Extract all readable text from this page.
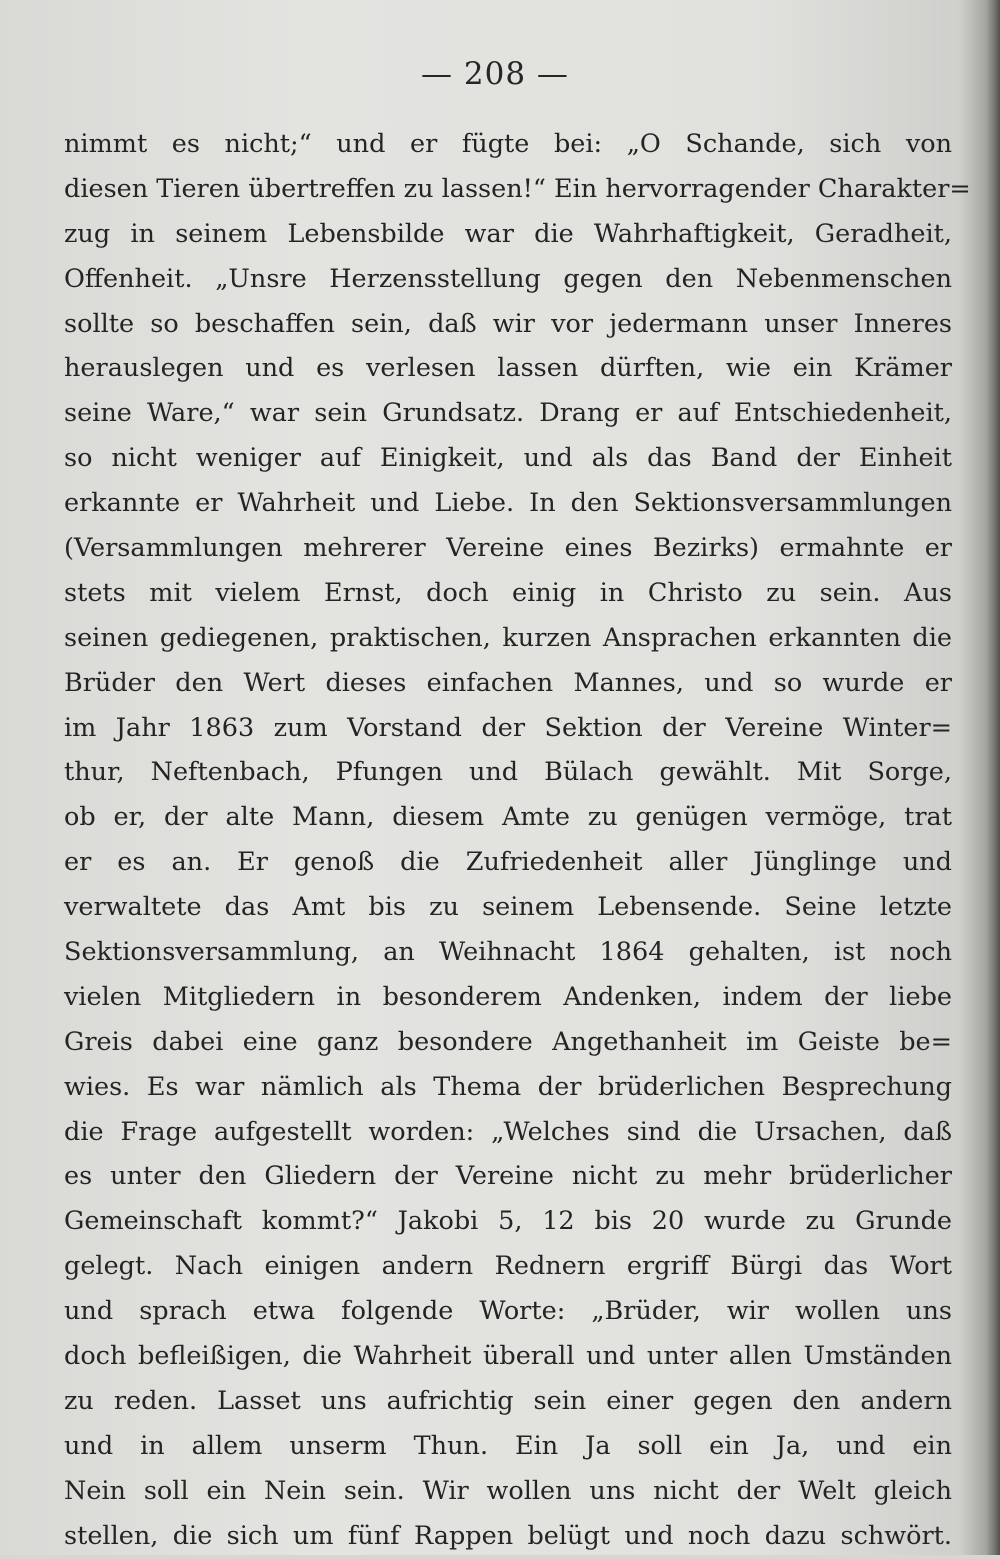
— 208 —
nimmt es nicht;“ und er fügte bei: „O Schande, sich von
diesen Tieren übertreffen zu lassen!“ Ein hervorragender Charakter=
zug in seinem Lebensbilde war die Wahrhaftigkeit, Geradheit,
Offenheit. „Unsre Herzensstellung gegen den Nebenmenschen
sollte so beschaffen sein, daß wir vor jedermann unser Inneres
herauslegen und es verlesen lassen dürften, wie ein Krämer
seine Ware,“ war sein Grundsatz. Drang er auf Entschiedenheit,
so nicht weniger auf Einigkeit, und als das Band der Einheit
erkannte er Wahrheit und Liebe. In den Sektionsversammlungen
(Versammlungen mehrerer Vereine eines Bezirks) ermahnte er
stets mit vielem Ernst, doch einig in Christo zu sein. Aus
seinen gediegenen, praktischen, kurzen Ansprachen erkannten die
Brüder den Wert dieses einfachen Mannes, und so wurde er
im Jahr 1863 zum Vorstand der Sektion der Vereine Winter=
thur, Neftenbach, Pfungen und Bülach gewählt. Mit Sorge,
ob er, der alte Mann, diesem Amte zu genügen vermöge, trat
er es an. Er genoß die Zufriedenheit aller Jünglinge und
verwaltete das Amt bis zu seinem Lebensende. Seine letzte
Sektionsversammlung, an Weihnacht 1864 gehalten, ist noch
vielen Mitgliedern in besonderem Andenken, indem der liebe
Greis dabei eine ganz besondere Angethanheit im Geiste be=
wies. Es war nämlich als Thema der brüderlichen Besprechung
die Frage aufgestellt worden: „Welches sind die Ursachen, daß
es unter den Gliedern der Vereine nicht zu mehr brüderlicher
Gemeinschaft kommt?“ Jakobi 5, 12 bis 20 wurde zu Grunde
gelegt. Nach einigen andern Rednern ergriff Bürgi das Wort
und sprach etwa folgende Worte: „Brüder, wir wollen uns
doch befleißigen, die Wahrheit überall und unter allen Umständen
zu reden. Lasset uns aufrichtig sein einer gegen den andern
und in allem unserm Thun. Ein Ja soll ein Ja, und ein
Nein soll ein Nein sein. Wir wollen uns nicht der Welt gleich
stellen, die sich um fünf Rappen belügt und noch dazu schwört.
